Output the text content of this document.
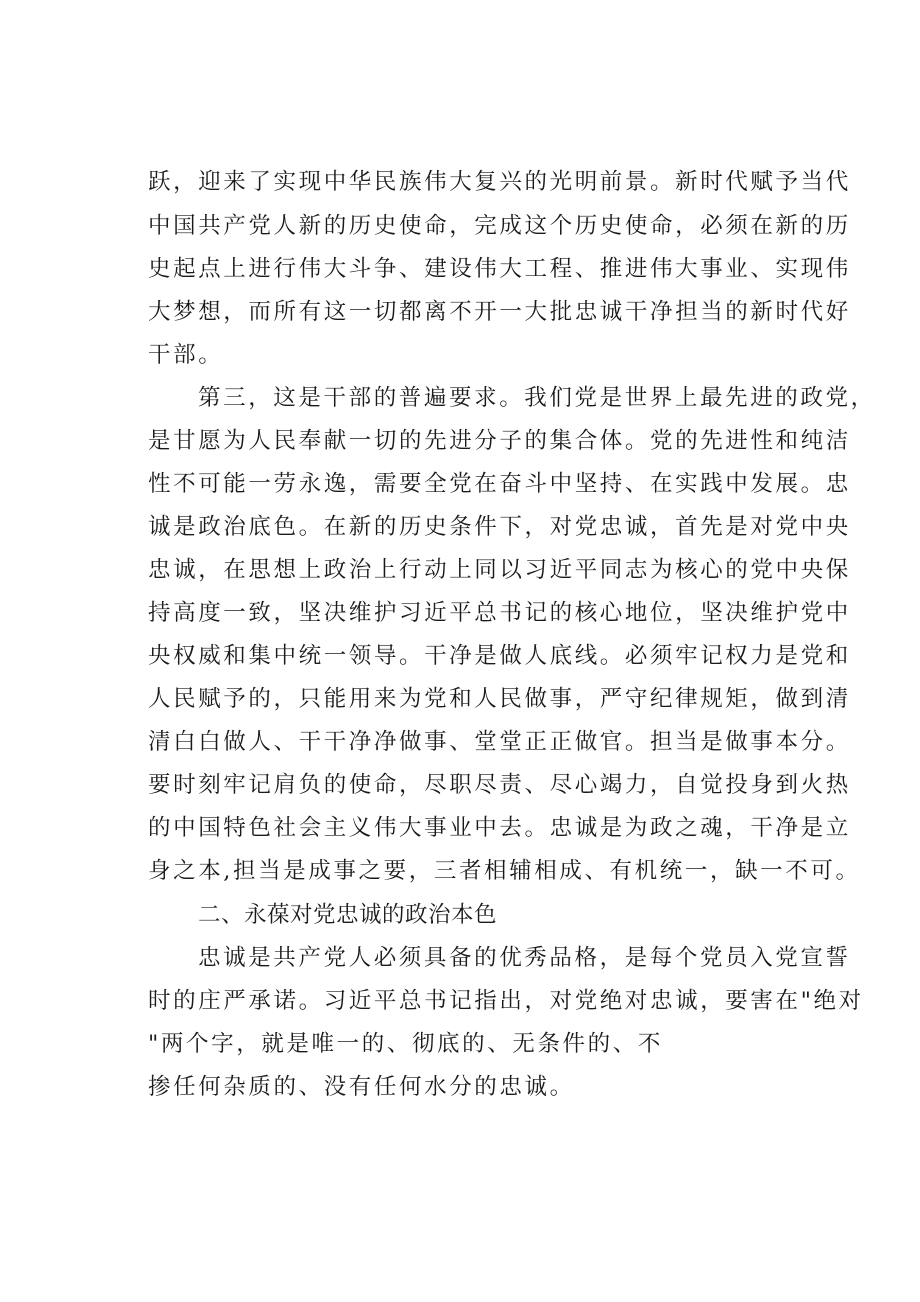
跃，迎来了实现中华民族伟大复兴的光明前景。新时代赋予当代
中国共产党人新的历史使命，完成这个历史使命，必须在新的历
史起点上进行伟大斗争、建设伟大工程、推进伟大事业、实现伟
大梦想，而所有这一切都离不开一大批忠诚干净担当的新时代好
干部。
第三，这是干部的普遍要求。我们党是世界上最先进的政党，
是甘愿为人民奉献一切的先进分子的集合体。党的先进性和纯洁
性不可能一劳永逸，需要全党在奋斗中坚持、在实践中发展。忠
诚是政治底色。在新的历史条件下，对党忠诚，首先是对党中央
忠诚，在思想上政治上行动上同以习近平同志为核心的党中央保
持高度一致，坚决维护习近平总书记的核心地位，坚决维护党中
央权威和集中统一领导。干净是做人底线。必须牢记权力是党和
人民赋予的，只能用来为党和人民做事，严守纪律规矩，做到清
清白白做人、干干净净做事、堂堂正正做官。担当是做事本分。
要时刻牢记肩负的使命，尽职尽责、尽心竭力，自觉投身到火热
的中国特色社会主义伟大事业中去。忠诚是为政之魂，干净是立
身之本,担当是成事之要，三者相辅相成、有机统一，缺一不可。
二、永葆对党忠诚的政治本色
忠诚是共产党人必须具备的优秀品格，是每个党员入党宣誓
时的庄严承诺。习近平总书记指出，对党绝对忠诚，要害在"绝对
"两个字，就是唯一的、彻底的、无条件的、不
掺任何杂质的、没有任何水分的忠诚。
